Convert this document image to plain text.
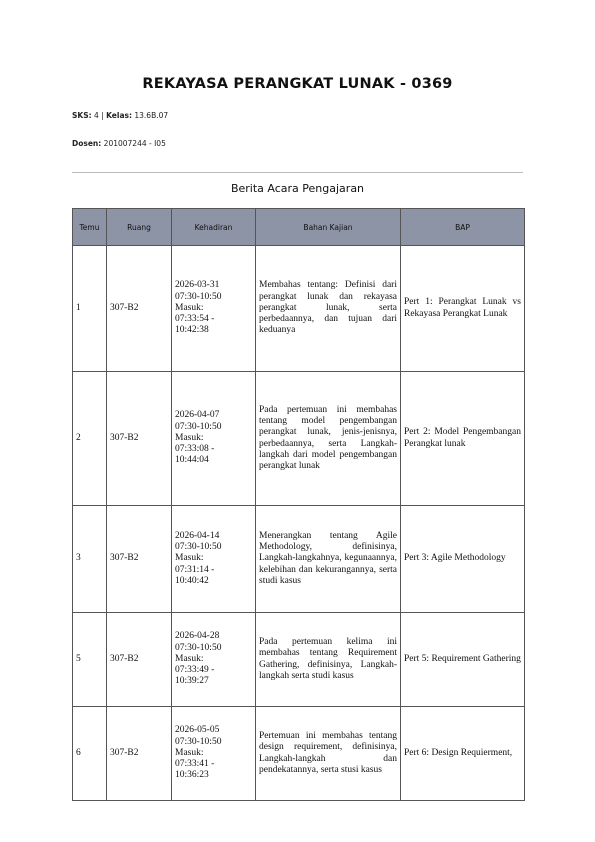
REKAYASA PERANGKAT LUNAK - 0369
SKS: 4 | Kelas: 13.6B.07
Dosen: 201007244 - I05
Berita Acara Pengajaran
Temu	Ruang	Kehadiran	Bahan Kajian	BAP
1	307-B2	2026-03-31
07:30-10:50
Masuk:
07:33:54 -
10:42:38	Membahas tentang: Definisi dari perangkat lunak dan rekayasa perangkat lunak, serta perbedaannya, dan tujuan dari keduanya	Pert 1: Perangkat Lunak vs Rekayasa Perangkat Lunak
2	307-B2	2026-04-07
07:30-10:50
Masuk:
07:33:08 -
10:44:04	Pada pertemuan ini membahas tentang model pengembangan perangkat lunak, jenis-jenisnya, perbedaannya, serta Langkah-langkah dari model pengembangan perangkat lunak	Pert 2: Model Pengembangan Perangkat lunak
3	307-B2	2026-04-14
07:30-10:50
Masuk:
07:31:14 -
10:40:42	Menerangkan tentang Agile Methodology, definisinya, Langkah-langkahnya, kegunaannya, kelebihan dan kekurangannya, serta studi kasus	Pert 3: Agile Methodology
5	307-B2	2026-04-28
07:30-10:50
Masuk:
07:33:49 -
10:39:27	Pada pertemuan kelima ini membahas tentang Requirement Gathering, definisinya, Langkah-langkah serta studi kasus	Pert 5: Requirement Gathering
6	307-B2	2026-05-05
07:30-10:50
Masuk:
07:33:41 -
10:36:23	Pertemuan ini membahas tentang design requirement, definisinya, Langkah-langkah dan pendekatannya, serta stusi kasus	Pert 6: Design Requierment,
